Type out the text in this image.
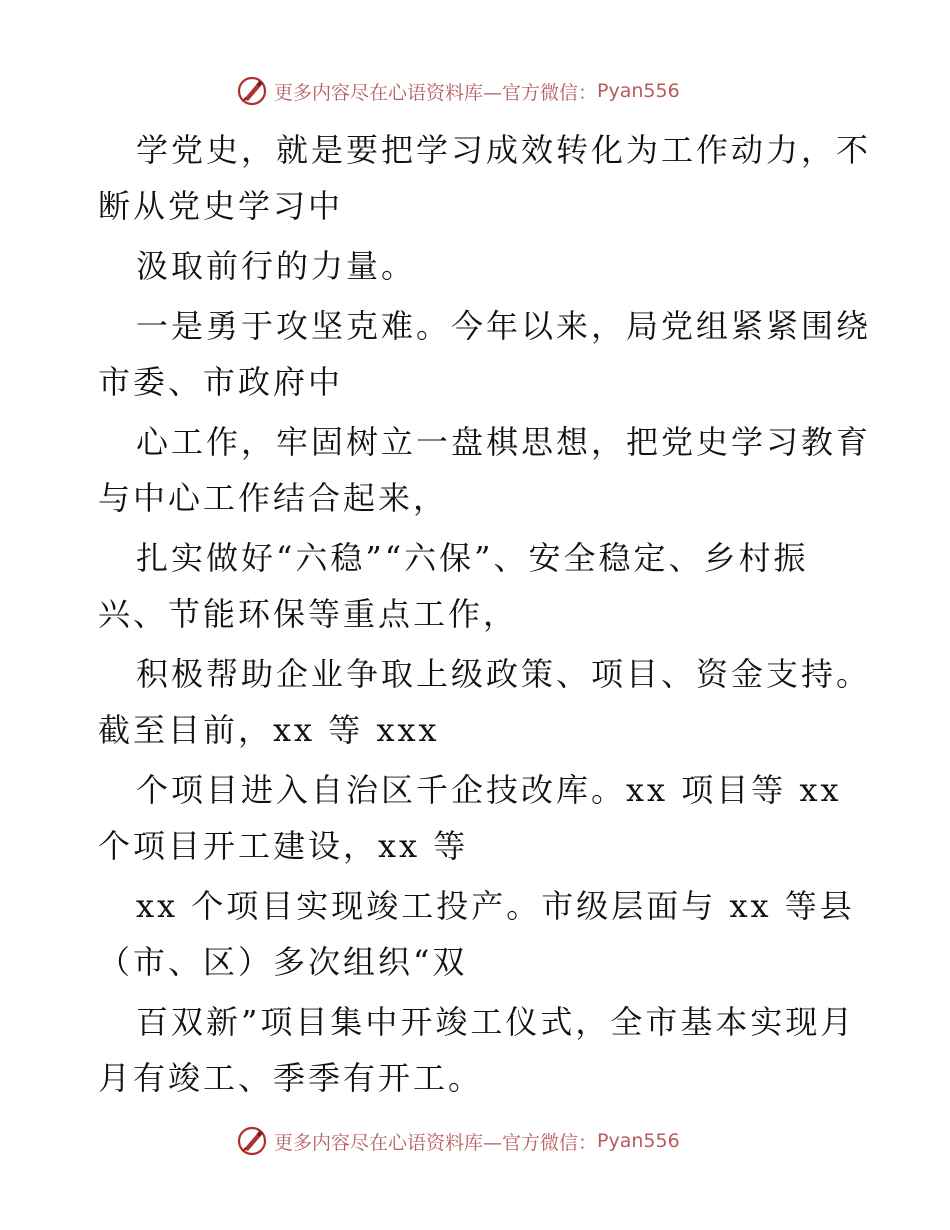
更多内容尽在心语资料库—官方微信： Pyan556
学党史，就是要把学习成效转化为工作动力，不
断从党史学习中
汲取前行的力量。
一是勇于攻坚克难。今年以来，局党组紧紧围绕
市委、市政府中
心工作，牢固树立一盘棋思想，把党史学习教育
与中心工作结合起来，
扎实做好“六稳”“六保”、安全稳定、乡村振
兴、节能环保等重点工作，
积极帮助企业争取上级政策、项目、资金支持。
截至目前，xx 等 xxx
个项目进入自治区千企技改库。xx 项目等 xx
个项目开工建设，xx 等
xx 个项目实现竣工投产。市级层面与 xx 等县
（市、区）多次组织“双
百双新”项目集中开竣工仪式，全市基本实现月
月有竣工、季季有开工。
更多内容尽在心语资料库—官方微信： Pyan556
